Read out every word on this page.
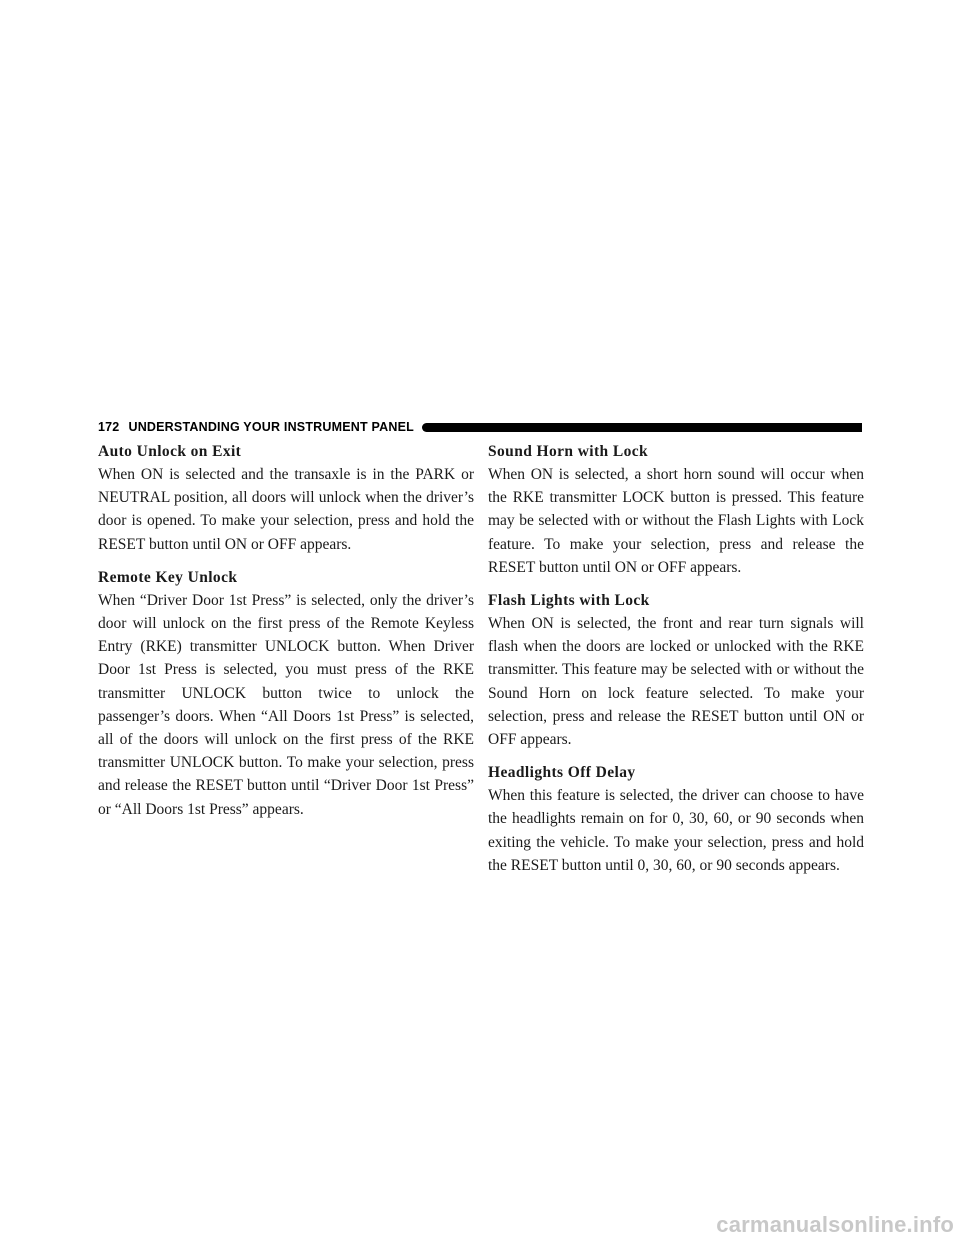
172 UNDERSTANDING YOUR INSTRUMENT PANEL
Auto Unlock on Exit
When ON is selected and the transaxle is in the PARK or NEUTRAL position, all doors will unlock when the driver’s door is opened. To make your selection, press and hold the RESET button until ON or OFF appears.
Remote Key Unlock
When “Driver Door 1st Press” is selected, only the driver’s door will unlock on the first press of the Remote Keyless Entry (RKE) transmitter UNLOCK button. When Driver Door 1st Press is selected, you must press of the RKE transmitter UNLOCK button twice to unlock the passenger’s doors. When “All Doors 1st Press” is selected, all of the doors will unlock on the first press of the RKE transmitter UNLOCK button. To make your selection, press and release the RESET button until “Driver Door 1st Press” or “All Doors 1st Press” appears.
Sound Horn with Lock
When ON is selected, a short horn sound will occur when the RKE transmitter LOCK button is pressed. This feature may be selected with or without the Flash Lights with Lock feature. To make your selection, press and release the RESET button until ON or OFF appears.
Flash Lights with Lock
When ON is selected, the front and rear turn signals will flash when the doors are locked or unlocked with the RKE transmitter. This feature may be selected with or without the Sound Horn on lock feature selected. To make your selection, press and release the RESET button until ON or OFF appears.
Headlights Off Delay
When this feature is selected, the driver can choose to have the headlights remain on for 0, 30, 60, or 90 seconds when exiting the vehicle. To make your selection, press and hold the RESET button until 0, 30, 60, or 90 seconds appears.
carmanualsonline.info
